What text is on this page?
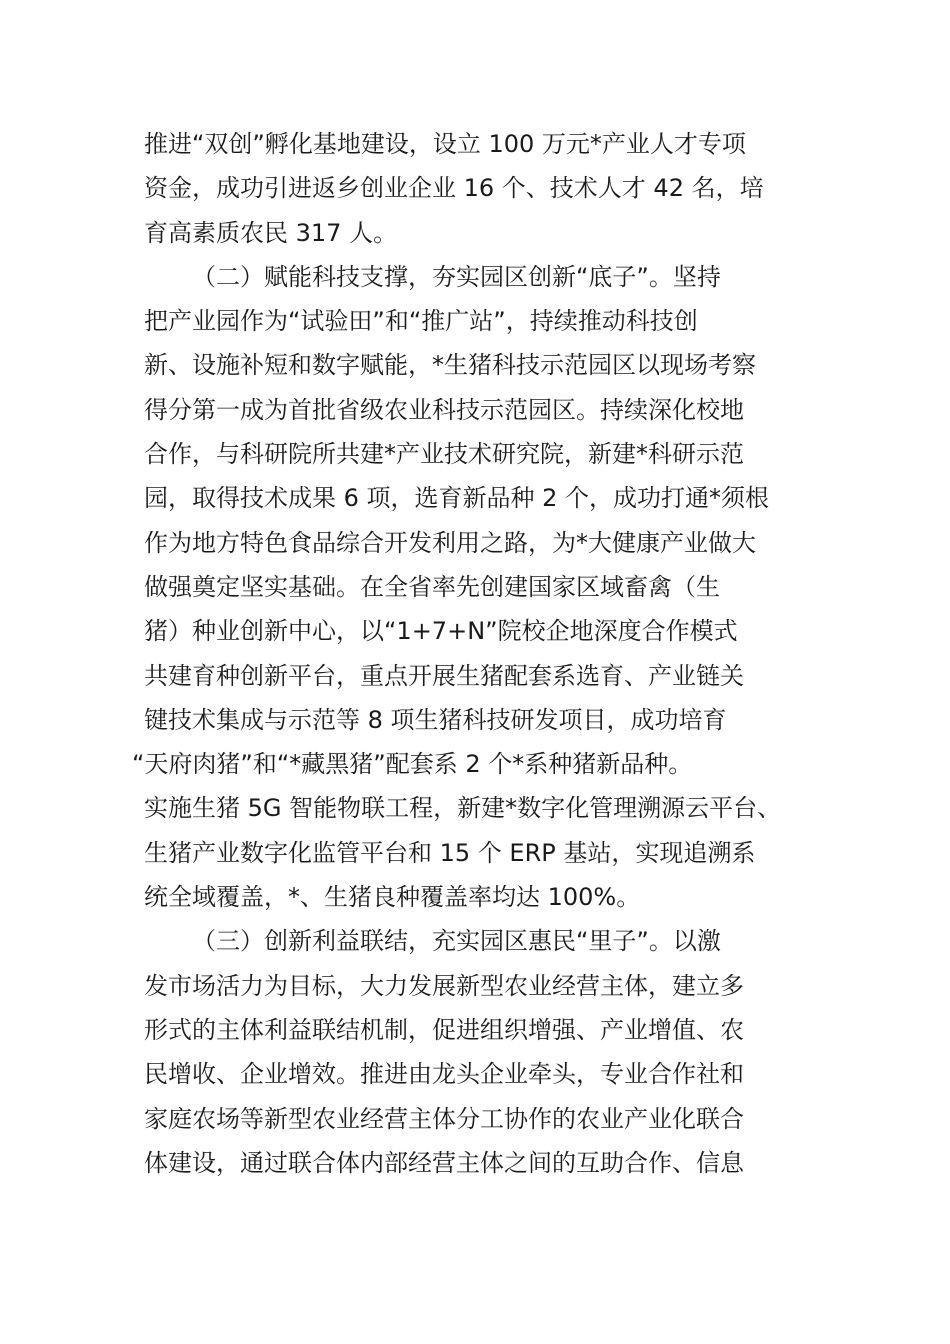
推进“双创”孵化基地建设，设立 100 万元*产业人才专项
资金，成功引进返乡创业企业 16 个、技术人才 42 名，培
育高素质农民 317 人。
（二）赋能科技支撑，夯实园区创新“底子”。坚持
把产业园作为“试验田”和“推广站”，持续推动科技创
新、设施补短和数字赋能，*生猪科技示范园区以现场考察
得分第一成为首批省级农业科技示范园区。持续深化校地
合作，与科研院所共建*产业技术研究院，新建*科研示范
园，取得技术成果 6 项，选育新品种 2 个，成功打通*须根
作为地方特色食品综合开发利用之路，为*大健康产业做大
做强奠定坚实基础。在全省率先创建国家区域畜禽（生
猪）种业创新中心，以“1+7+N”院校企地深度合作模式
共建育种创新平台，重点开展生猪配套系选育、产业链关
键技术集成与示范等 8 项生猪科技研发项目，成功培育
“天府肉猪”和“*藏黑猪”配套系 2 个*系种猪新品种。
实施生猪 5G 智能物联工程，新建*数字化管理溯源云平台、
生猪产业数字化监管平台和 15 个 ERP 基站，实现追溯系
统全域覆盖，*、生猪良种覆盖率均达 100%。
（三）创新利益联结，充实园区惠民“里子”。以激
发市场活力为目标，大力发展新型农业经营主体，建立多
形式的主体利益联结机制，促进组织增强、产业增值、农
民增收、企业增效。推进由龙头企业牵头，专业合作社和
家庭农场等新型农业经营主体分工协作的农业产业化联合
体建设，通过联合体内部经营主体之间的互助合作、信息
